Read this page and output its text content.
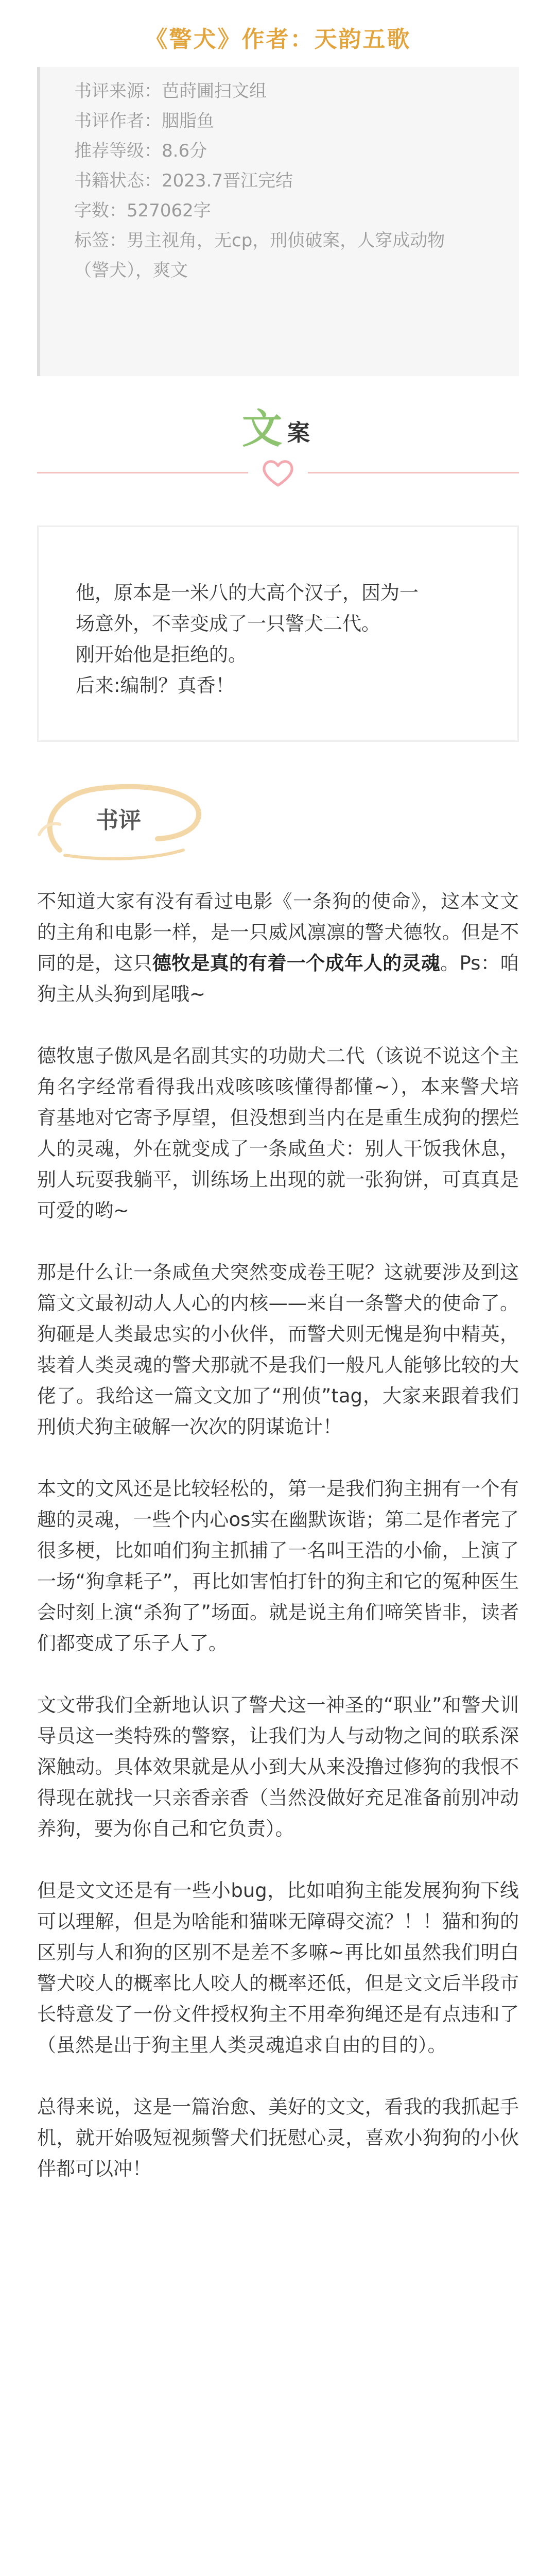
《警犬》作者：天韵五歌

书评来源：芭莳圃扫文组

书评作者：胭脂鱼

推荐等级：8.6分

书籍状态：2023.7晋江完结

字数：527062字

标签：男主视角，无cp，刑侦破案，人穿成动物

（警犬），爽文

文 案

他，原本是一米八的大高个汉子，因为一

场意外，不幸变成了一只警犬二代。

刚开始他是拒绝的。

后来:编制？真香！

书评

不知道大家有没有看过电影《一条狗的使命》，这本文文的主角和电影一样，是一只威风凛凛的警犬德牧。但是不同的是，这只德牧是真的有着一个成年人的灵魂。Ps：咱狗主从头狗到尾哦~

德牧崽子傲风是名副其实的功勋犬二代（该说不说这个主角名字经常看得我出戏咳咳咳懂得都懂~），本来警犬培育基地对它寄予厚望，但没想到当内在是重生成狗的摆烂人的灵魂，外在就变成了一条咸鱼犬：别人干饭我休息，别人玩耍我躺平，训练场上出现的就一张狗饼，可真真是可爱的哟~

那是什么让一条咸鱼犬突然变成卷王呢？这就要涉及到这篇文文最初动人人心的内核——来自一条警犬的使命了。狗砸是人类最忠实的小伙伴，而警犬则无愧是狗中精英，装着人类灵魂的警犬那就不是我们一般凡人能够比较的大佬了。我给这一篇文文加了“刑侦”tag，大家来跟着我们刑侦犬狗主破解一次次的阴谋诡计！

本文的文风还是比较轻松的，第一是我们狗主拥有一个有趣的灵魂，一些个内心os实在幽默诙谐；第二是作者完了很多梗，比如咱们狗主抓捕了一名叫王浩的小偷，上演了一场“狗拿耗子”，再比如害怕打针的狗主和它的冤种医生会时刻上演“杀狗了”场面。就是说主角们啼笑皆非，读者们都变成了乐子人了。

文文带我们全新地认识了警犬这一神圣的“职业”和警犬训导员这一类特殊的警察，让我们为人与动物之间的联系深深触动。具体效果就是从小到大从来没撸过修狗的我恨不得现在就找一只亲香亲香（当然没做好充足准备前别冲动养狗，要为你自己和它负责）。

但是文文还是有一些小bug，比如咱狗主能发展狗狗下线可以理解，但是为啥能和猫咪无障碍交流？！！猫和狗的区别与人和狗的区别不是差不多嘛~再比如虽然我们明白警犬咬人的概率比人咬人的概率还低，但是文文后半段市长特意发了一份文件授权狗主不用牵狗绳还是有点违和了（虽然是出于狗主里人类灵魂追求自由的目的）。

总得来说，这是一篇治愈、美好的文文，看我的我抓起手机，就开始吸短视频警犬们抚慰心灵，喜欢小狗狗的小伙伴都可以冲！
